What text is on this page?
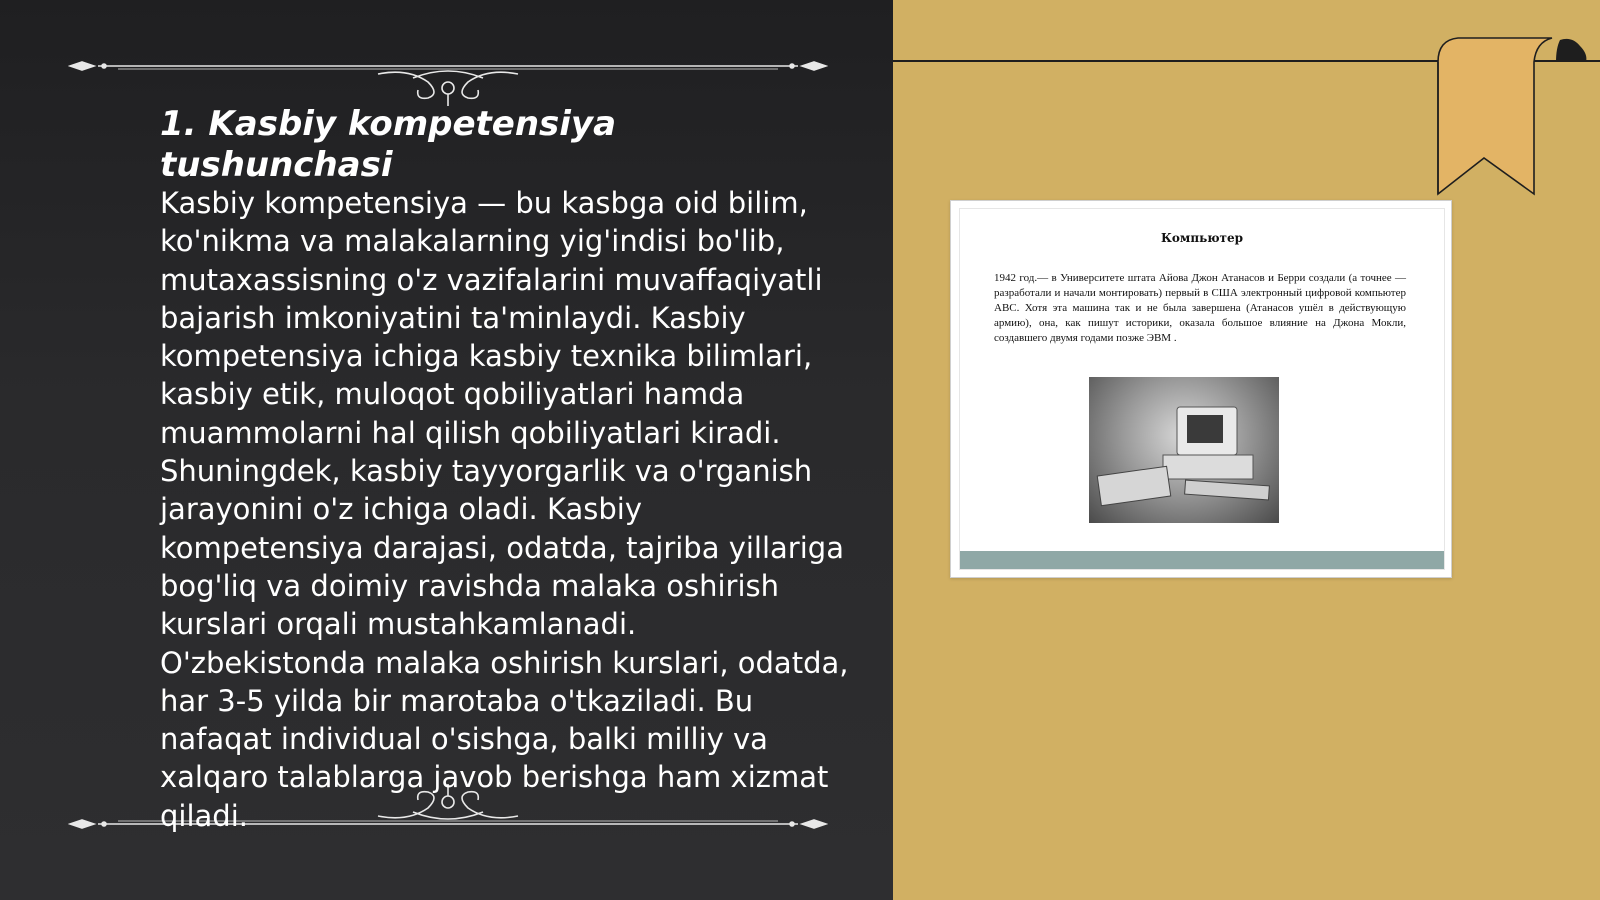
1. Kasbiy kompetensiya tushunchasi

Kasbiy kompetensiya — bu kasbga oid bilim, ko'nikma va malakalarning yig'indisi bo'lib, mutaxassisning o'z vazifalarini muvaffaqiyatli bajarish imkoniyatini ta'minlaydi. Kasbiy kompetensiya ichiga kasbiy texnika bilimlari, kasbiy etik, muloqot qobiliyatlari hamda muammolarni hal qilish qobiliyatlari kiradi. Shuningdek, kasbiy tayyorgarlik va o'rganish jarayonini o'z ichiga oladi. Kasbiy kompetensiya darajasi, odatda, tajriba yillariga bog'liq va doimiy ravishda malaka oshirish kurslari orqali mustahkamlanadi. O'zbekistonda malaka oshirish kurslari, odatda, har 3-5 yilda bir marotaba o'tkaziladi. Bu nafaqat individual o'sishga, balki milliy va xalqaro talablarga javob berishga ham xizmat qiladi.

Компьютер

1942 год.— в Университете штата Айова Джон Атанасов и Берри создали (а точнее — разработали и начали монтировать) первый в США электронный цифровой компьютер ABC. Хотя эта машина так и не была завершена (Атанасов ушёл в действующую армию), она, как пишут историки, оказала большое влияние на Джона Мокли, создавшего двумя годами позже ЭВМ .
